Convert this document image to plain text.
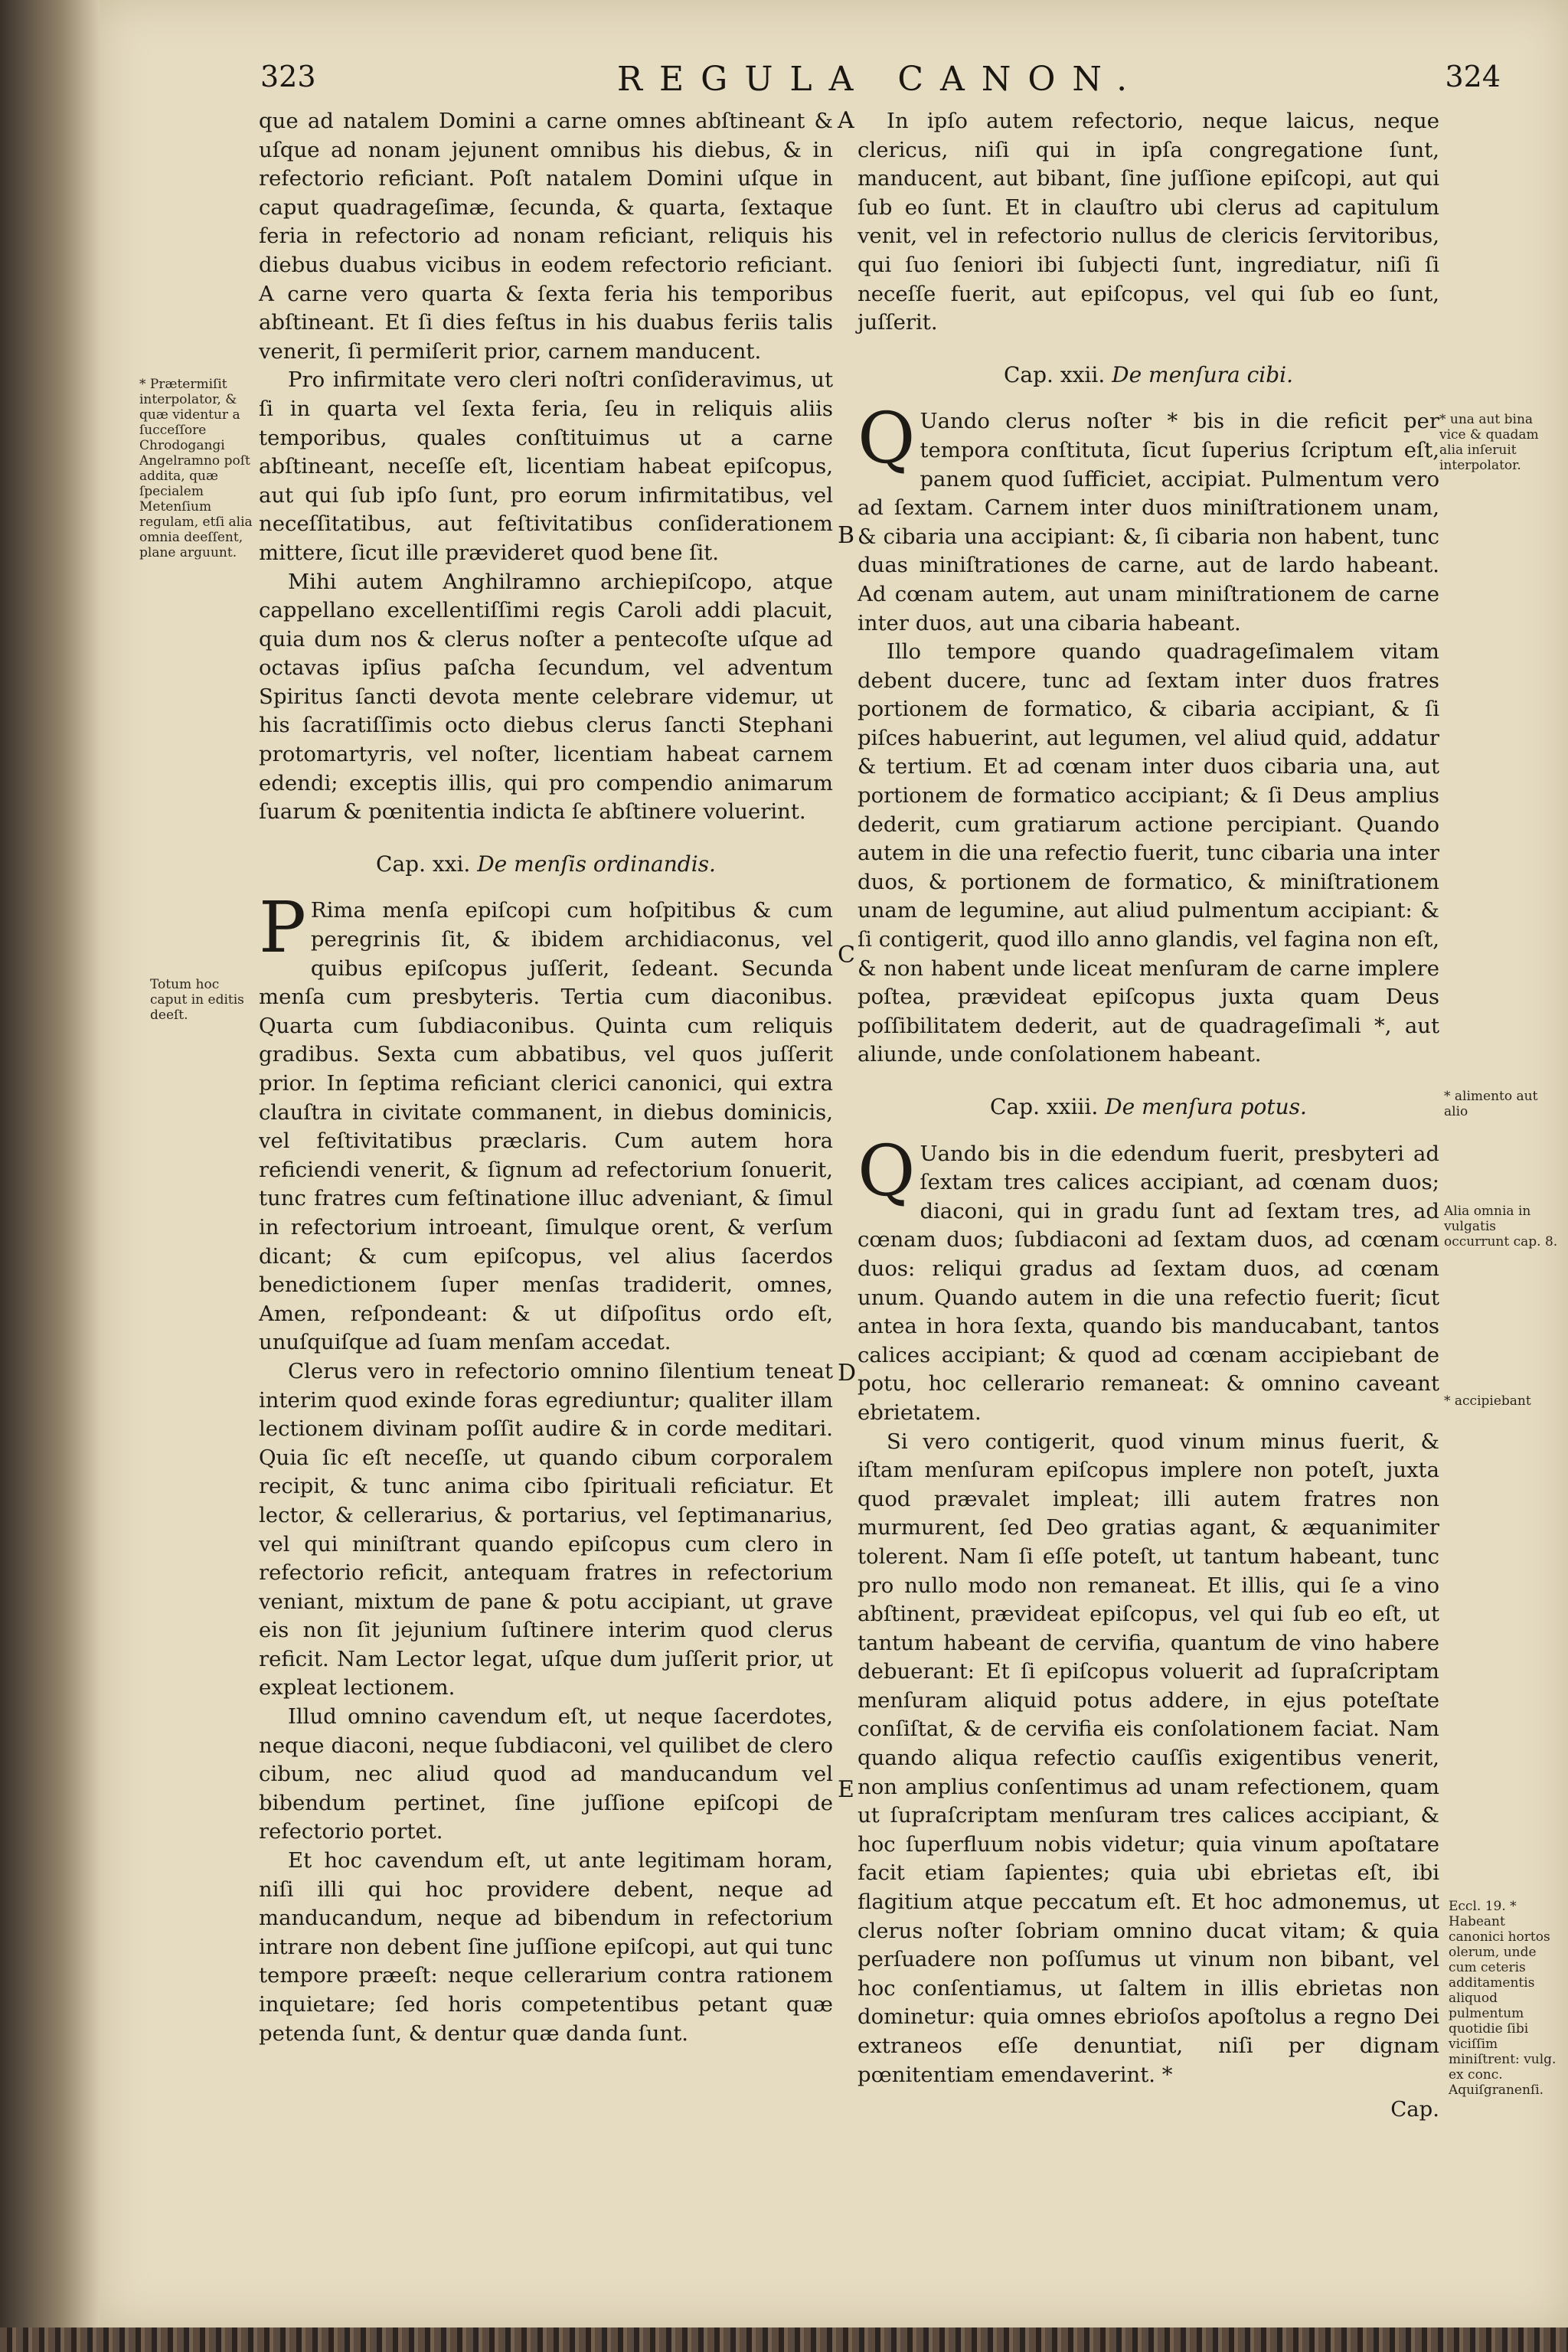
323	REGULA CANON.	324

que ad natalem Domini a carne omnes abſtineant & uſque ad nonam jejunent omnibus his diebus, & in refectorio reficiant. Poſt natalem Domini uſque in caput quadrageſimæ, ſecunda, & quarta, ſextaque feria in refectorio ad nonam reficiant, reliquis his diebus duabus vicibus in eodem refectorio reficiant. A carne vero quarta & ſexta feria his temporibus abſtineant. Et ſi dies feſtus in his duabus feriis talis venerit, ſi permiſerit prior, carnem manducent.

Pro infirmitate vero cleri noſtri conſideravimus, ut ſi in quarta vel ſexta feria, ſeu in reliquis aliis temporibus, quales conſtituimus ut a carne abſtineant, neceſſe eſt, licentiam habeat epiſcopus, aut qui ſub ipſo ſunt, pro eorum infirmitatibus, vel neceſſitatibus, aut feſtivitatibus conſiderationem mittere, ſicut ille prævideret quod bene ſit.

Mihi autem Anghilramno archiepiſcopo, atque cappellano excellentiſſimi regis Caroli addi placuit, quia dum nos & clerus noſter a pentecoſte uſque ad octavas ipſius paſcha ſecundum, vel adventum Spiritus ſancti devota mente celebrare videmur, ut his ſacratiſſimis octo diebus clerus ſancti Stephani protomartyris, vel noſter, licentiam habeat carnem edendi; exceptis illis, qui pro compendio animarum ſuarum & pœnitentia indicta ſe abſtinere voluerint.

Cap. xxi. De menſis ordinandis.

P Rima menſa epiſcopi cum hoſpitibus & cum peregrinis ſit, & ibidem archidiaconus, vel quibus epiſcopus juſſerit, ſedeant. Secunda menſa cum presbyteris. Tertia cum diaconibus. Quarta cum ſubdiaconibus. Quinta cum reliquis gradibus. Sexta cum abbatibus, vel quos juſſerit prior. In ſeptima reficiant clerici canonici, qui extra clauſtra in civitate commanent, in diebus dominicis, vel feſtivitatibus præclaris. Cum autem hora reficiendi venerit, & ſignum ad refectorium ſonuerit, tunc fratres cum feſtinatione illuc adveniant, & ſimul in refectorium introeant, ſimulque orent, & verſum dicant; & cum epiſcopus, vel alius ſacerdos benedictionem ſuper menſas tradiderit, omnes, Amen, reſpondeant: & ut diſpoſitus ordo eſt, unuſquiſque ad ſuam menſam accedat.

Clerus vero in refectorio omnino ſilentium teneat interim quod exinde foras egrediuntur; qualiter illam lectionem divinam poſſit audire & in corde meditari. Quia ſic eſt neceſſe, ut quando cibum corporalem recipit, & tunc anima cibo ſpirituali reficiatur. Et lector, & cellerarius, & portarius, vel ſeptimanarius, vel qui miniſtrant quando epiſcopus cum clero in refectorio reficit, antequam fratres in refectorium veniant, mixtum de pane & potu accipiant, ut grave eis non ſit jejunium ſuſtinere interim quod clerus reficit. Nam Lector legat, uſque dum juſſerit prior, ut expleat lectionem.

Illud omnino cavendum eſt, ut neque ſacerdotes, neque diaconi, neque ſubdiaconi, vel quilibet de clero cibum, nec aliud quod ad manducandum vel bibendum pertinet, ſine juſſione epiſcopi de refectorio portet.

Et hoc cavendum eſt, ut ante legitimam horam, niſi illi qui hoc providere debent, neque ad manducandum, neque ad bibendum in refectorium intrare non debent ſine juſſione epiſcopi, aut qui tunc tempore præeſt: neque cellerarium contra rationem inquietare; ſed horis competentibus petant quæ petenda ſunt, & dentur quæ danda ſunt.

In ipſo autem refectorio, neque laicus, neque clericus, niſi qui in ipſa congregatione ſunt, manducent, aut bibant, ſine juſſione epiſcopi, aut qui ſub eo ſunt. Et in clauſtro ubi clerus ad capitulum venit, vel in refectorio nullus de clericis ſervitoribus, qui ſuo ſeniori ibi ſubjecti ſunt, ingrediatur, niſi ſi neceſſe fuerit, aut epiſcopus, vel qui ſub eo ſunt, juſſerit.

Cap. xxii. De menſura cibi.

Q Uando clerus noſter * bis in die reficit per tempora conſtituta, ſicut ſuperius ſcriptum eſt, panem quod ſufficiet, accipiat. Pulmentum vero ad ſextam. Carnem inter duos miniſtrationem unam, & cibaria una accipiant: &, ſi cibaria non habent, tunc duas miniſtrationes de carne, aut de lardo habeant. Ad cœnam autem, aut unam miniſtrationem de carne inter duos, aut una cibaria habeant.

Illo tempore quando quadrageſimalem vitam debent ducere, tunc ad ſextam inter duos fratres portionem de formatico, & cibaria accipiant, & ſi piſces habuerint, aut legumen, vel aliud quid, addatur & tertium. Et ad cœnam inter duos cibaria una, aut portionem de formatico accipiant; & ſi Deus amplius dederit, cum gratiarum actione percipiant. Quando autem in die una refectio fuerit, tunc cibaria una inter duos, & portionem de formatico, & miniſtrationem unam de legumine, aut aliud pulmentum accipiant: & ſi contigerit, quod illo anno glandis, vel fagina non eſt, & non habent unde liceat menſuram de carne implere poſtea, prævideat epiſcopus juxta quam Deus poſſibilitatem dederit, aut de quadrageſimali *, aut aliunde, unde conſolationem habeant.

Cap. xxiii. De menſura potus.

Q Uando bis in die edendum fuerit, presbyteri ad ſextam tres calices accipiant, ad cœnam duos; diaconi, qui in gradu ſunt ad ſextam tres, ad cœnam duos; ſubdiaconi ad ſextam duos, ad cœnam duos: reliqui gradus ad ſextam duos, ad cœnam unum. Quando autem in die una refectio fuerit; ſicut antea in hora ſexta, quando bis manducabant, tantos calices accipiant; & quod ad cœnam accipiebant de potu, hoc cellerario remaneat: & omnino caveant ebrietatem.

Si vero contigerit, quod vinum minus fuerit, & iſtam menſuram epiſcopus implere non poteſt, juxta quod prævalet impleat; illi autem fratres non murmurent, ſed Deo gratias agant, & æquanimiter tolerent. Nam ſi eſſe poteſt, ut tantum habeant, tunc pro nullo modo non remaneat. Et illis, qui ſe a vino abſtinent, prævideat epiſcopus, vel qui ſub eo eſt, ut tantum habeant de cervifia, quantum de vino habere debuerant: Et ſi epiſcopus voluerit ad ſupraſcriptam menſuram aliquid potus addere, in ejus poteſtate conſiſtat, & de cervifia eis conſolationem faciat. Nam quando aliqua refectio cauſſis exigentibus venerit, non amplius conſentimus ad unam refectionem, quam ut ſupraſcriptam menſuram tres calices accipiant, & hoc ſuperfluum nobis videtur; quia vinum apoſtatare facit etiam ſapientes; quia ubi ebrietas eſt, ibi flagitium atque peccatum eſt. Et hoc admonemus, ut clerus noſter ſobriam omnino ducat vitam; & quia perſuadere non poſſumus ut vinum non bibant, vel hoc conſentiamus, ut ſaltem in illis ebrietas non dominetur: quia omnes ebrioſos apoſtolus a regno Dei extraneos eſſe denuntiat, niſi per dignam pœnitentiam emendaverint. *

Cap.

* Prætermiſit interpolator, & quæ videntur a ſucceſſore Chrodogangi Angelramno poſt addita, quæ ſpecialem Metenſium regulam, etſi alia omnia deeſſent, plane arguunt.
Totum hoc caput in editis deeſt.
* una aut bina vice & quadam alia inſeruit interpolator.
* alimento aut alio
Alia omnia in vulgatis occurrunt cap. 8.
* accipiebant
Eccl. 19. * Habeant canonici hortos olerum, unde cum ceteris additamentis aliquod pulmentum quotidie ſibi viciſſim miniſtrent: vulg. ex conc. Aquiſgranenſi.
A
B
C
D
E
